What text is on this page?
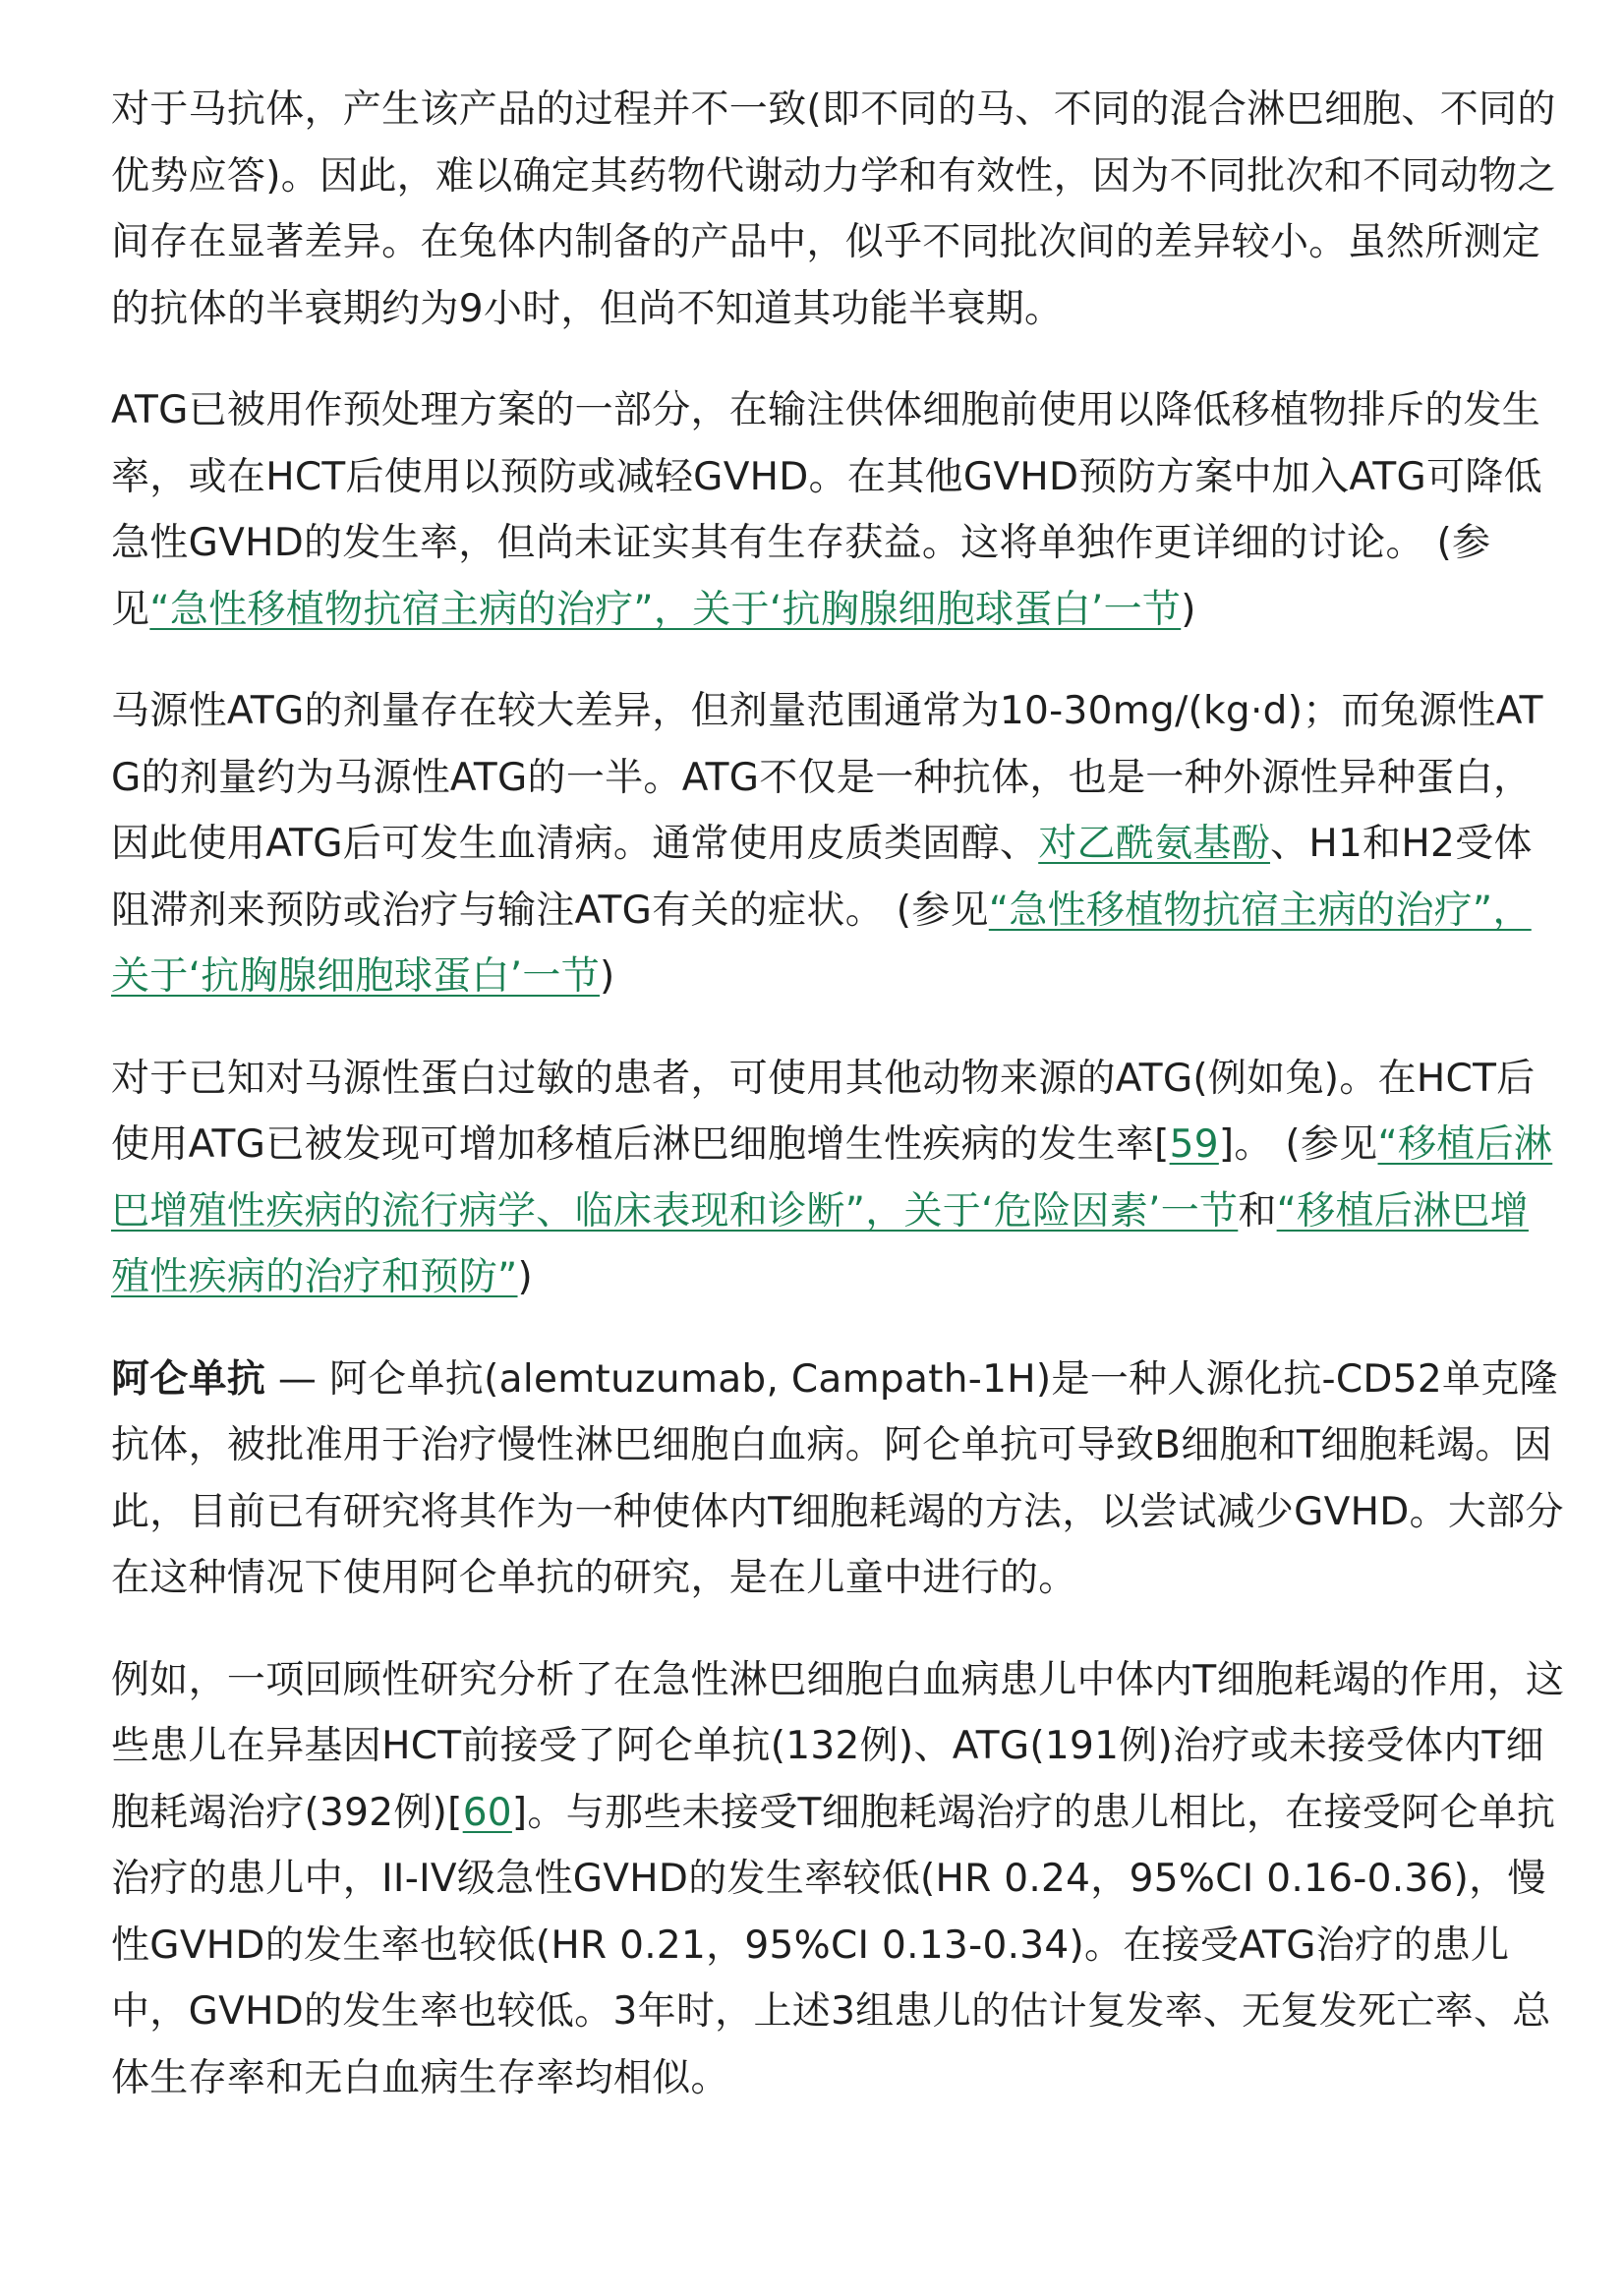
对于马抗体，产生该产品的过程并不一致(即不同的马、不同的混合淋巴细胞、不同的优势应答)。因此，难以确定其药物代谢动力学和有效性，因为不同批次和不同动物之间存在显著差异。在兔体内制备的产品中，似乎不同批次间的差异较小。虽然所测定的抗体的半衰期约为9小时，但尚不知道其功能半衰期。

ATG已被用作预处理方案的一部分，在输注供体细胞前使用以降低移植物排斥的发生率，或在HCT后使用以预防或减轻GVHD。在其他GVHD预防方案中加入ATG可降低急性GVHD的发生率，但尚未证实其有生存获益。这将单独作更详细的讨论。 (参见“急性移植物抗宿主病的治疗”，关于‘抗胸腺细胞球蛋白’一节)

马源性ATG的剂量存在较大差异，但剂量范围通常为10-30mg/(kg·d)；而兔源性ATG的剂量约为马源性ATG的一半。ATG不仅是一种抗体，也是一种外源性异种蛋白，因此使用ATG后可发生血清病。通常使用皮质类固醇、对乙酰氨基酚、H1和H2受体阻滞剂来预防或治疗与输注ATG有关的症状。 (参见“急性移植物抗宿主病的治疗”，关于‘抗胸腺细胞球蛋白’一节)

对于已知对马源性蛋白过敏的患者，可使用其他动物来源的ATG(例如兔)。在HCT后使用ATG已被发现可增加移植后淋巴细胞增生性疾病的发生率[59]。 (参见“移植后淋巴增殖性疾病的流行病学、临床表现和诊断”，关于‘危险因素’一节和“移植后淋巴增殖性疾病的治疗和预防”)

阿仑单抗 — 阿仑单抗(alemtuzumab, Campath-1H)是一种人源化抗-CD52单克隆抗体，被批准用于治疗慢性淋巴细胞白血病。阿仑单抗可导致B细胞和T细胞耗竭。因此，目前已有研究将其作为一种使体内T细胞耗竭的方法，以尝试减少GVHD。大部分在这种情况下使用阿仑单抗的研究，是在儿童中进行的。

例如，一项回顾性研究分析了在急性淋巴细胞白血病患儿中体内T细胞耗竭的作用，这些患儿在异基因HCT前接受了阿仑单抗(132例)、ATG(191例)治疗或未接受体内T细胞耗竭治疗(392例)[60]。与那些未接受T细胞耗竭治疗的患儿相比，在接受阿仑单抗治疗的患儿中，II-IV级急性GVHD的发生率较低(HR 0.24，95%CI 0.16-0.36)，慢性GVHD的发生率也较低(HR 0.21，95%CI 0.13-0.34)。在接受ATG治疗的患儿中，GVHD的发生率也较低。3年时，上述3组患儿的估计复发率、无复发死亡率、总体生存率和无白血病生存率均相似。
